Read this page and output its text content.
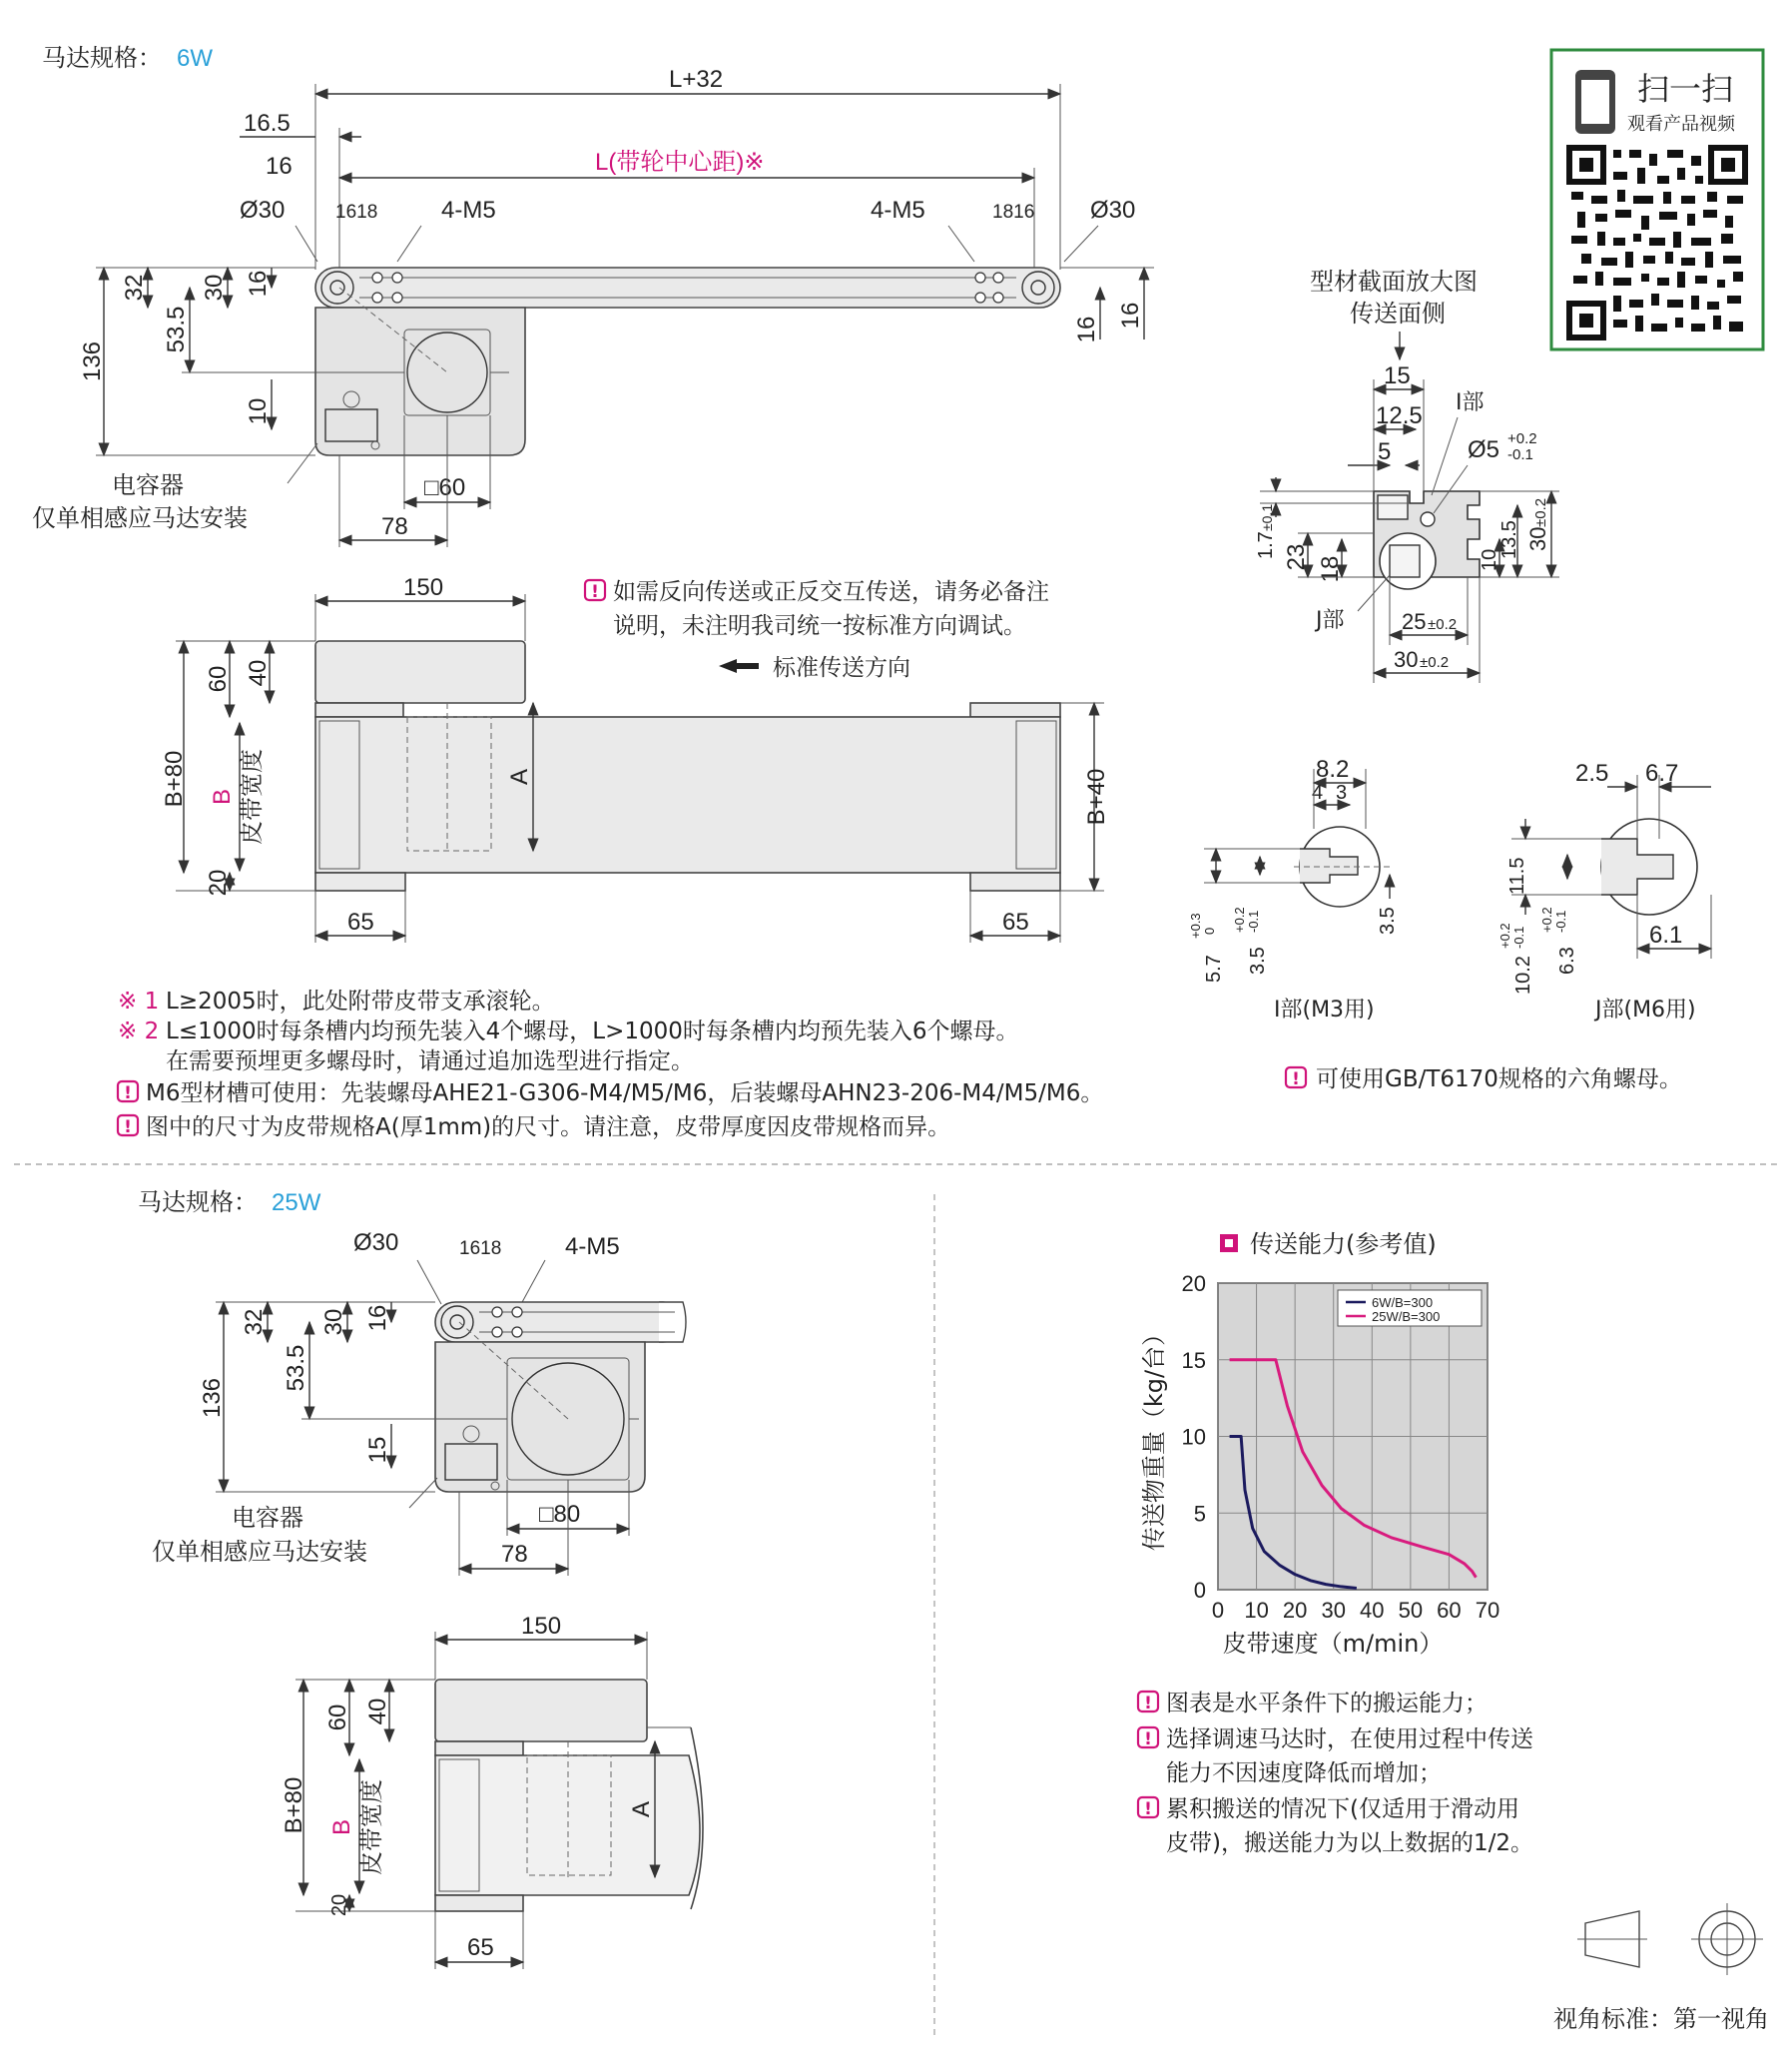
马达规格： 6W
L+32
16.5
16	L(带轮中心距)※
Ø30	1618	4-M5	4-M5	1816 Ø30
136
32 30 16
53.5
10
16
16
□60
78
电容器
仅单相感应马达安装
150
B+80
60 40
B 皮带宽度
20
A	B+40
65	65
! 如需反向传送或正反交互传送，请务必备注
说明，未注明我司统一按标准方向调试。
标准传送方向
扫一扫
观看产品视频
型材截面放大图
传送面侧
15
12.5
5
I部
Ø5 +0.2
-0.1
1.7
±0.1
23 18
J部
10
13.5 30
±0.2
25 ±0.2
30 ±0.2
8.2
4 3
5.7
+0.3 0
3.5
+0.2 -0.1	3.5
I部(M3用)
2.5 6.7
11.5
10.2
+0.2 -0.1
6.3
+0.2 -0.1
6.1
J部(M6用)
! 可使用GB/T6170规格的六角螺母。
※ 1 L≥2005时，此处附带皮带支承滚轮。
※ 2 L≤1000时每条槽内均预先装入4个螺母，L>1000时每条槽内均预先装入6个螺母。
在需要预埋更多螺母时，请通过追加选型进行指定。
! M6型材槽可使用：先装螺母AHE21-G306-M4/M5/M6，后装螺母AHN23-206-M4/M5/M6。
! 图中的尺寸为皮带规格A(厚1mm)的尺寸。请注意，皮带厚度因皮带规格而异。
马达规格： 25W
Ø30	1618	4-M5
136
32 30 16
53.5
15
□80
78
电容器
仅单相感应马达安装
150
B+80
60 40
B 皮带宽度
20
A
65
传送能力(参考值)
0 10 20 30 40 50 60 70
0
5
10
15
20
皮带速度（m/min）
传送物重量（kg/台）
6W/B=300
25W/B=300
! 图表是水平条件下的搬运能力；
! 选择调速马达时，在使用过程中传送
能力不因速度降低而增加；
! 累积搬送的情况下(仅适用于滑动用
皮带)，搬送能力为以上数据的1/2。
视角标准：第一视角
